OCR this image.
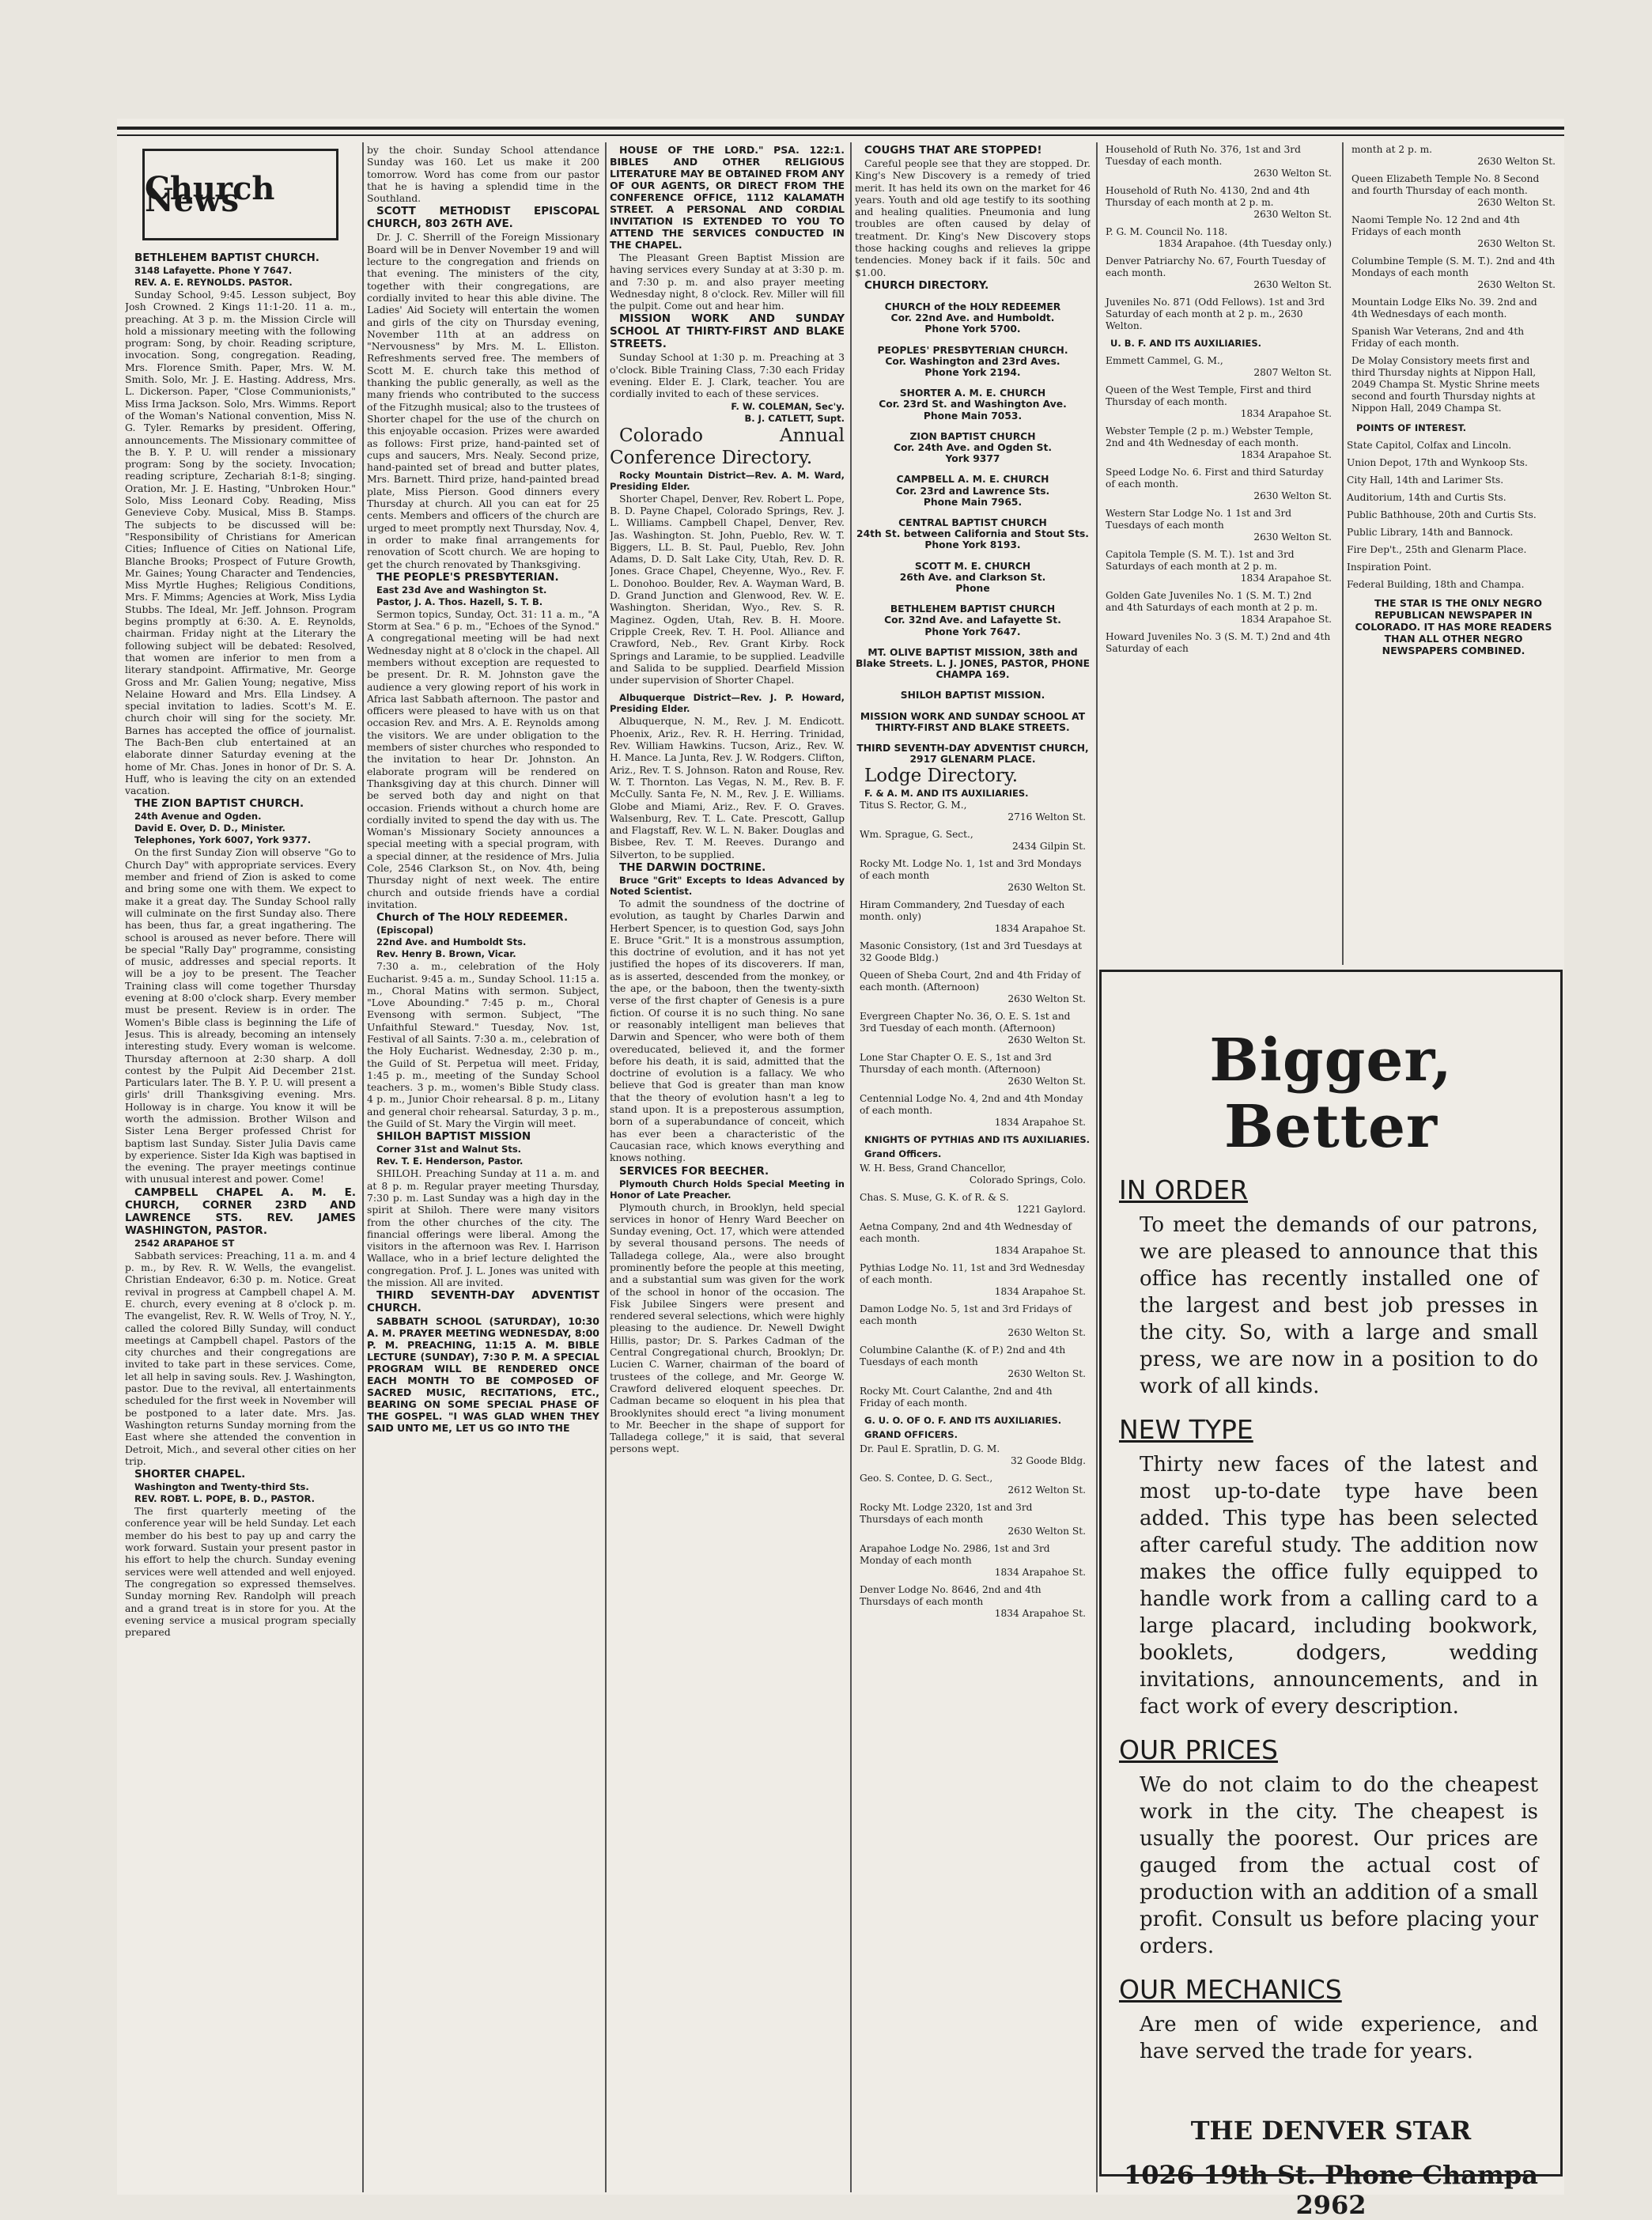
Church News

BETHLEHEM BAPTIST CHURCH.

3148 Lafayette. Phone Y 7647.

REV. A. E. REYNOLDS. PASTOR.

Sunday School, 9:45. Lesson subject, Boy Josh Crowned. 2 Kings 11:1-20. 11 a. m., preaching. At 3 p. m. the Mission Circle will hold a missionary meeting with the following program: Song, by choir. Reading scripture, invocation. Song, congregation. Reading, Mrs. Florence Smith. Paper, Mrs. W. M. Smith. Solo, Mr. J. E. Hasting. Address, Mrs. L. Dickerson. Paper, "Close Communionists," Miss Irma Jackson. Solo, Mrs. Wimms. Report of the Woman's National convention, Miss N. G. Tyler. Remarks by president. Offering, announcements. The Missionary committee of the B. Y. P. U. will render a missionary program: Song by the society. Invocation; reading scripture, Zechariah 8:1-8; singing. Oration, Mr. J. E. Hasting, "Unbroken Hour." Solo, Miss Leonard Coby. Reading, Miss Genevieve Coby. Musical, Miss B. Stamps. The subjects to be discussed will be: "Responsibility of Christians for American Cities; Influence of Cities on National Life, Blanche Brooks; Prospect of Future Growth, Mr. Gaines; Young Character and Tendencies, Miss Myrtle Hughes; Religious Conditions, Mrs. F. Mimms; Agencies at Work, Miss Lydia Stubbs. The Ideal, Mr. Jeff. Johnson. Program begins promptly at 6:30. A. E. Reynolds, chairman. Friday night at the Literary the following subject will be debated: Resolved, that women are inferior to men from a literary standpoint. Affirmative, Mr. George Gross and Mr. Galien Young; negative, Miss Nelaine Howard and Mrs. Ella Lindsey. A special invitation to ladies. Scott's M. E. church choir will sing for the society. Mr. Barnes has accepted the office of journalist. The Bach-Ben club entertained at an elaborate dinner Saturday evening at the home of Mr. Chas. Jones in honor of Dr. S. A. Huff, who is leaving the city on an extended vacation.

THE ZION BAPTIST CHURCH.

24th Avenue and Ogden.

David E. Over, D. D., Minister.

Telephones, York 6007, York 9377.

On the first Sunday Zion will observe "Go to Church Day" with appropriate services. Every member and friend of Zion is asked to come and bring some one with them. We expect to make it a great day. The Sunday School rally will culminate on the first Sunday also. There has been, thus far, a great ingathering. The school is aroused as never before. There will be special "Rally Day" programme, consisting of music, addresses and special reports. It will be a joy to be present. The Teacher Training class will come together Thursday evening at 8:00 o'clock sharp. Every member must be present. Review is in order. The Women's Bible class is beginning the Life of Jesus. This is already, becoming an intensely interesting study. Every woman is welcome. Thursday afternoon at 2:30 sharp. A doll contest by the Pulpit Aid December 21st. Particulars later. The B. Y. P. U. will present a girls' drill Thanksgiving evening. Mrs. Holloway is in charge. You know it will be worth the admission. Brother Wilson and Sister Lena Berger professed Christ for baptism last Sunday. Sister Julia Davis came by experience. Sister Ida Kigh was baptised in the evening. The prayer meetings continue with unusual interest and power. Come!

CAMPBELL CHAPEL A. M. E. CHURCH, CORNER 23RD AND LAWRENCE STS. REV. JAMES WASHINGTON, PASTOR.

2542 ARAPAHOE ST

Sabbath services: Preaching, 11 a. m. and 4 p. m., by Rev. R. W. Wells, the evangelist. Christian Endeavor, 6:30 p. m. Notice. Great revival in progress at Campbell chapel A. M. E. church, every evening at 8 o'clock p. m. The evangelist, Rev. R. W. Wells of Troy, N. Y., called the colored Billy Sunday, will conduct meetings at Campbell chapel. Pastors of the city churches and their congregations are invited to take part in these services. Come, let all help in saving souls. Rev. J. Washington, pastor. Due to the revival, all entertainments scheduled for the first week in November will be postponed to a later date. Mrs. Jas. Washington returns Sunday morning from the East where she attended the convention in Detroit, Mich., and several other cities on her trip.

SHORTER CHAPEL.

Washington and Twenty-third Sts.

REV. ROBT. L. POPE, B. D., PASTOR.

The first quarterly meeting of the conference year will be held Sunday. Let each member do his best to pay up and carry the work forward. Sustain your present pastor in his effort to help the church. Sunday evening services were well attended and well enjoyed. The congregation so expressed themselves. Sunday morning Rev. Randolph will preach and a grand treat is in store for you. At the evening service a musical program specially prepared

by the choir. Sunday School attendance Sunday was 160. Let us make it 200 tomorrow. Word has come from our pastor that he is having a splendid time in the Southland.

SCOTT METHODIST EPISCOPAL CHURCH, 803 26TH AVE.

Dr. J. C. Sherrill of the Foreign Missionary Board will be in Denver November 19 and will lecture to the congregation and friends on that evening. The ministers of the city, together with their congregations, are cordially invited to hear this able divine. The Ladies' Aid Society will entertain the women and girls of the city on Thursday evening, November 11th at an address on "Nervousness" by Mrs. M. L. Elliston. Refreshments served free. The members of Scott M. E. church take this method of thanking the public generally, as well as the many friends who contributed to the success of the Fitzughh musical; also to the trustees of Shorter chapel for the use of the church on this enjoyable occasion. Prizes were awarded as follows: First prize, hand-painted set of cups and saucers, Mrs. Nealy. Second prize, hand-painted set of bread and butter plates, Mrs. Barnett. Third prize, hand-painted bread plate, Miss Pierson. Good dinners every Thursday at church. All you can eat for 25 cents. Members and officers of the church are urged to meet promptly next Thursday, Nov. 4, in order to make final arrangements for renovation of Scott church. We are hoping to get the church renovated by Thanksgiving.

THE PEOPLE'S PRESBYTERIAN.

East 23d Ave and Washington St.

Pastor, J. A. Thos. Hazell, S. T. B.

Sermon topics, Sunday, Oct. 31: 11 a. m., "A Storm at Sea." 6 p. m., "Echoes of the Synod." A congregational meeting will be had next Wednesday night at 8 o'clock in the chapel. All members without exception are requested to be present. Dr. R. M. Johnston gave the audience a very glowing report of his work in Africa last Sabbath afternoon. The pastor and officers were pleased to have with us on that occasion Rev. and Mrs. A. E. Reynolds among the visitors. We are under obligation to the members of sister churches who responded to the invitation to hear Dr. Johnston. An elaborate program will be rendered on Thanksgiving day at this church. Dinner will be served both day and night on that occasion. Friends without a church home are cordially invited to spend the day with us. The Woman's Missionary Society announces a special meeting with a special program, with a special dinner, at the residence of Mrs. Julia Cole, 2546 Clarkson St., on Nov. 4th, being Thursday night of next week. The entire church and outside friends have a cordial invitation.

Church of The HOLY REDEEMER.

(Episcopal)

22nd Ave. and Humboldt Sts.

Rev. Henry B. Brown, Vicar.

7:30 a. m., celebration of the Holy Eucharist. 9:45 a. m., Sunday School. 11:15 a. m., Choral Matins with sermon. Subject, "Love Abounding." 7:45 p. m., Choral Evensong with sermon. Subject, "The Unfaithful Steward." Tuesday, Nov. 1st, Festival of all Saints. 7:30 a. m., celebration of the Holy Eucharist. Wednesday, 2:30 p. m., the Guild of St. Perpetua will meet. Friday, 1:45 p. m., meeting of the Sunday School teachers. 3 p. m., women's Bible Study class. 4 p. m., Junior Choir rehearsal. 8 p. m., Litany and general choir rehearsal. Saturday, 3 p. m., the Guild of St. Mary the Virgin will meet.

SHILOH BAPTIST MISSION

Corner 31st and Walnut Sts.

Rev. T. E. Henderson, Pastor.

SHILOH. Preaching Sunday at 11 a. m. and at 8 p. m. Regular prayer meeting Thursday, 7:30 p. m. Last Sunday was a high day in the spirit at Shiloh. There were many visitors from the other churches of the city. The financial offerings were liberal. Among the visitors in the afternoon was Rev. I. Harrison Wallace, who in a brief lecture delighted the congregation. Prof. J. L. Jones was united with the mission. All are invited.

THIRD SEVENTH-DAY ADVENTIST CHURCH.

SABBATH SCHOOL (SATURDAY), 10:30 A. M. PRAYER MEETING WEDNESDAY, 8:00 P. M. PREACHING, 11:15 A. M. BIBLE LECTURE (SUNDAY), 7:30 P. M. A SPECIAL PROGRAM WILL BE RENDERED ONCE EACH MONTH TO BE COMPOSED OF SACRED MUSIC, RECITATIONS, ETC., BEARING ON SOME SPECIAL PHASE OF THE GOSPEL. "I WAS GLAD WHEN THEY SAID UNTO ME, LET US GO INTO THE

HOUSE OF THE LORD." PSA. 122:1. BIBLES AND OTHER RELIGIOUS LITERATURE MAY BE OBTAINED FROM ANY OF OUR AGENTS, OR DIRECT FROM THE CONFERENCE OFFICE, 1112 KALAMATH STREET. A PERSONAL AND CORDIAL INVITATION IS EXTENDED TO YOU TO ATTEND THE SERVICES CONDUCTED IN THE CHAPEL.

The Pleasant Green Baptist Mission are having services every Sunday at at 3:30 p. m. and 7:30 p. m. and also prayer meeting Wednesday night, 8 o'clock. Rev. Miller will fill the pulpit. Come out and hear him.

MISSION WORK AND SUNDAY SCHOOL AT THIRTY-FIRST AND BLAKE STREETS.

Sunday School at 1:30 p. m. Preaching at 3 o'clock. Bible Training Class, 7:30 each Friday evening. Elder E. J. Clark, teacher. You are cordially invited to each of these services.

F. W. COLEMAN, Sec'y.

B. J. CATLETT, Supt.

Colorado Annual Conference Directory.

Rocky Mountain District—Rev. A. M. Ward, Presiding Elder.

Shorter Chapel, Denver, Rev. Robert L. Pope, B. D. Payne Chapel, Colorado Springs, Rev. J. L. Williams. Campbell Chapel, Denver, Rev. Jas. Washington. St. John, Pueblo, Rev. W. T. Biggers, LL. B. St. Paul, Pueblo, Rev. John Adams, D. D. Salt Lake City, Utah, Rev. D. R. Jones. Grace Chapel, Cheyenne, Wyo., Rev. F. L. Donohoo. Boulder, Rev. A. Wayman Ward, B. D. Grand Junction and Glenwood, Rev. W. E. Washington. Sheridan, Wyo., Rev. S. R. Maginez. Ogden, Utah, Rev. B. H. Moore. Cripple Creek, Rev. T. H. Pool. Alliance and Crawford, Neb., Rev. Grant Kirby. Rock Springs and Laramie, to be supplied. Leadville and Salida to be supplied. Dearfield Mission under supervision of Shorter Chapel.

Albuquerque District—Rev. J. P. Howard, Presiding Elder.

Albuquerque, N. M., Rev. J. M. Endicott. Phoenix, Ariz., Rev. R. H. Herring. Trinidad, Rev. William Hawkins. Tucson, Ariz., Rev. W. H. Mance. La Junta, Rev. J. W. Rodgers. Clifton, Ariz., Rev. T. S. Johnson. Raton and Rouse, Rev. W. T. Thornton. Las Vegas, N. M., Rev. B. F. McCully. Santa Fe, N. M., Rev. J. E. Williams. Globe and Miami, Ariz., Rev. F. O. Graves. Walsenburg, Rev. T. L. Cate. Prescott, Gallup and Flagstaff, Rev. W. L. N. Baker. Douglas and Bisbee, Rev. T. M. Reeves. Durango and Silverton, to be supplied.

THE DARWIN DOCTRINE.

Bruce "Grit" Excepts to Ideas Advanced by Noted Scientist.

To admit the soundness of the doctrine of evolution, as taught by Charles Darwin and Herbert Spencer, is to question God, says John E. Bruce "Grit." It is a monstrous assumption, this doctrine of evolution, and it has not yet justified the hopes of its discoverers. If man, as is asserted, descended from the monkey, or the ape, or the baboon, then the twenty-sixth verse of the first chapter of Genesis is a pure fiction. Of course it is no such thing. No sane or reasonably intelligent man believes that Darwin and Spencer, who were both of them overeducated, believed it, and the former before his death, it is said, admitted that the doctrine of evolution is a fallacy. We who believe that God is greater than man know that the theory of evolution hasn't a leg to stand upon. It is a preposterous assumption, born of a superabundance of conceit, which has ever been a characteristic of the Caucasian race, which knows everything and knows nothing.

SERVICES FOR BEECHER.

Plymouth Church Holds Special Meeting in Honor of Late Preacher.

Plymouth church, in Brooklyn, held special services in honor of Henry Ward Beecher on Sunday evening, Oct. 17, which were attended by several thousand persons. The needs of Talladega college, Ala., were also brought prominently before the people at this meeting, and a substantial sum was given for the work of the school in honor of the occasion. The Fisk Jubilee Singers were present and rendered several selections, which were highly pleasing to the audience. Dr. Newell Dwight Hillis, pastor; Dr. S. Parkes Cadman of the Central Congregational church, Brooklyn; Dr. Lucien C. Warner, chairman of the board of trustees of the college, and Mr. George W. Crawford delivered eloquent speeches. Dr. Cadman became so eloquent in his plea that Brooklynites should erect "a living monument to Mr. Beecher in the shape of support for Talladega college," it is said, that several persons wept.

COUGHS THAT ARE STOPPED!

Careful people see that they are stopped. Dr. King's New Discovery is a remedy of tried merit. It has held its own on the market for 46 years. Youth and old age testify to its soothing and healing qualities. Pneumonia and lung troubles are often caused by delay of treatment. Dr. King's New Discovery stops those hacking coughs and relieves la grippe tendencies. Money back if it fails. 50c and $1.00.

CHURCH DIRECTORY.

CHURCH of the HOLY REDEEMER
Cor. 22nd Ave. and Humboldt.
Phone York 5700.
PEOPLES' PRESBYTERIAN CHURCH.
Cor. Washington and 23rd Aves.
Phone York 2194.
SHORTER A. M. E. CHURCH
Cor. 23rd St. and Washington Ave.
Phone Main 7053.
ZION BAPTIST CHURCH
Cor. 24th Ave. and Ogden St.
York 9377
CAMPBELL A. M. E. CHURCH
Cor. 23rd and Lawrence Sts.
Phone Main 7965.
CENTRAL BAPTIST CHURCH
24th St. between California and Stout Sts.
Phone York 8193.
SCOTT M. E. CHURCH
26th Ave. and Clarkson St.
Phone
BETHLEHEM BAPTIST CHURCH
Cor. 32nd Ave. and Lafayette St.
Phone York 7647.
MT. OLIVE BAPTIST MISSION, 38th and Blake Streets. L. J. JONES, PASTOR, PHONE CHAMPA 169.
SHILOH BAPTIST MISSION.
MISSION WORK AND SUNDAY SCHOOL AT THIRTY-FIRST AND BLAKE STREETS.
THIRD SEVENTH-DAY ADVENTIST CHURCH,
2917 GLENARM PLACE.

Lodge Directory.

F. & A. M. AND ITS AUXILIARIES.

Titus S. Rector, G. M.,
2716 Welton St.
Wm. Sprague, G. Sect.,
2434 Gilpin St.
Rocky Mt. Lodge No. 1, 1st and 3rd Mondays of each month
2630 Welton St.
Hiram Commandery, 2nd Tuesday of each month. only)
1834 Arapahoe St.
Masonic Consistory, (1st and 3rd Tuesdays at 32 Goode Bldg.)
Queen of Sheba Court, 2nd and 4th Friday of each month. (Afternoon)
2630 Welton St.
Evergreen Chapter No. 36, O. E. S. 1st and 3rd Tuesday of each month. (Afternoon)
2630 Welton St.
Lone Star Chapter O. E. S., 1st and 3rd Thursday of each month. (Afternoon)
2630 Welton St.
Centennial Lodge No. 4, 2nd and 4th Monday of each month.
1834 Arapahoe St.

KNIGHTS OF PYTHIAS AND ITS AUXILIARIES.

Grand Officers.

W. H. Bess, Grand Chancellor,
Colorado Springs, Colo.
Chas. S. Muse, G. K. of R. & S.
1221 Gaylord.
Aetna Company, 2nd and 4th Wednesday of each month.
1834 Arapahoe St.
Pythias Lodge No. 11, 1st and 3rd Wednesday of each month.
1834 Arapahoe St.
Damon Lodge No. 5, 1st and 3rd Fridays of each month
2630 Welton St.
Columbine Calanthe (K. of P.) 2nd and 4th Tuesdays of each month
2630 Welton St.
Rocky Mt. Court Calanthe, 2nd and 4th Friday of each month.

G. U. O. OF O. F. AND ITS AUXILIARIES.

GRAND OFFICERS.

Dr. Paul E. Spratlin, D. G. M.
32 Goode Bldg.
Geo. S. Contee, D. G. Sect.,
2612 Welton St.
Rocky Mt. Lodge 2320, 1st and 3rd Thursdays of each month
2630 Welton St.
Arapahoe Lodge No. 2986, 1st and 3rd Monday of each month
1834 Arapahoe St.
Denver Lodge No. 8646, 2nd and 4th Thursdays of each month
1834 Arapahoe St.
Household of Ruth No. 376, 1st and 3rd Tuesday of each month.
2630 Welton St.
Household of Ruth No. 4130, 2nd and 4th Thursday of each month at 2 p. m.
2630 Welton St.
P. G. M. Council No. 118.
1834 Arapahoe. (4th Tuesday only.)
Denver Patriarchy No. 67, Fourth Tuesday of each month.
2630 Welton St.
Juveniles No. 871 (Odd Fellows). 1st and 3rd Saturday of each month at 2 p. m., 2630 Welton.

U. B. F. AND ITS AUXILIARIES.

Emmett Cammel, G. M.,
2807 Welton St.
Queen of the West Temple, First and third Thursday of each month.
1834 Arapahoe St.
Webster Temple (2 p. m.) Webster Temple, 2nd and 4th Wednesday of each month.
1834 Arapahoe St.
Speed Lodge No. 6. First and third Saturday of each month.
2630 Welton St.
Western Star Lodge No. 1 1st and 3rd Tuesdays of each month
2630 Welton St.
Capitola Temple (S. M. T.). 1st and 3rd Saturdays of each month at 2 p. m.
1834 Arapahoe St.
Golden Gate Juveniles No. 1 (S. M. T.) 2nd and 4th Saturdays of each month at 2 p. m.
1834 Arapahoe St.
Howard Juveniles No. 3 (S. M. T.) 2nd and 4th Saturday of each
month at 2 p. m.
2630 Welton St.
Queen Elizabeth Temple No. 8 Second and fourth Thursday of each month.
2630 Welton St.
Naomi Temple No. 12 2nd and 4th Fridays of each month
2630 Welton St.
Columbine Temple (S. M. T.). 2nd and 4th Mondays of each month
2630 Welton St.
Mountain Lodge Elks No. 39. 2nd and 4th Wednesdays of each month.
Spanish War Veterans, 2nd and 4th Friday of each month.
De Molay Consistory meets first and third Thursday nights at Nippon Hall, 2049 Champa St. Mystic Shrine meets second and fourth Thursday nights at Nippon Hall, 2049 Champa St.

POINTS OF INTEREST.

State Capitol, Colfax and Lincoln.
Union Depot, 17th and Wynkoop Sts.
City Hall, 14th and Larimer Sts.
Auditorium, 14th and Curtis Sts.
Public Bathhouse, 20th and Curtis Sts.
Public Library, 14th and Bannock.
Fire Dep't., 25th and Glenarm Place.
Inspiration Point.
Federal Building, 18th and Champa.

THE STAR IS THE ONLY NEGRO REPUBLICAN NEWSPAPER IN COLORADO. IT HAS MORE READERS THAN ALL OTHER NEGRO NEWSPAPERS COMBINED.

Bigger, Better
IN ORDER

To meet the demands of our patrons, we are pleased to announce that this office has recently installed one of the largest and best job presses in the city. So, with a large and small press, we are now in a position to do work of all kinds.

NEW TYPE

Thirty new faces of the latest and most up-to-date type have been added. This type has been selected after careful study. The addition now makes the office fully equipped to handle work from a calling card to a large placard, including bookwork, booklets, dodgers, wedding invitations, announcements, and in fact work of every description.

OUR PRICES

We do not claim to do the cheapest work in the city. The cheapest is usually the poorest. Our prices are gauged from the actual cost of production with an addition of a small profit. Consult us before placing your orders.

OUR MECHANICS

Are men of wide experience, and have served the trade for years.

THE DENVER STAR
1026 19th St. Phone Champa 2962
